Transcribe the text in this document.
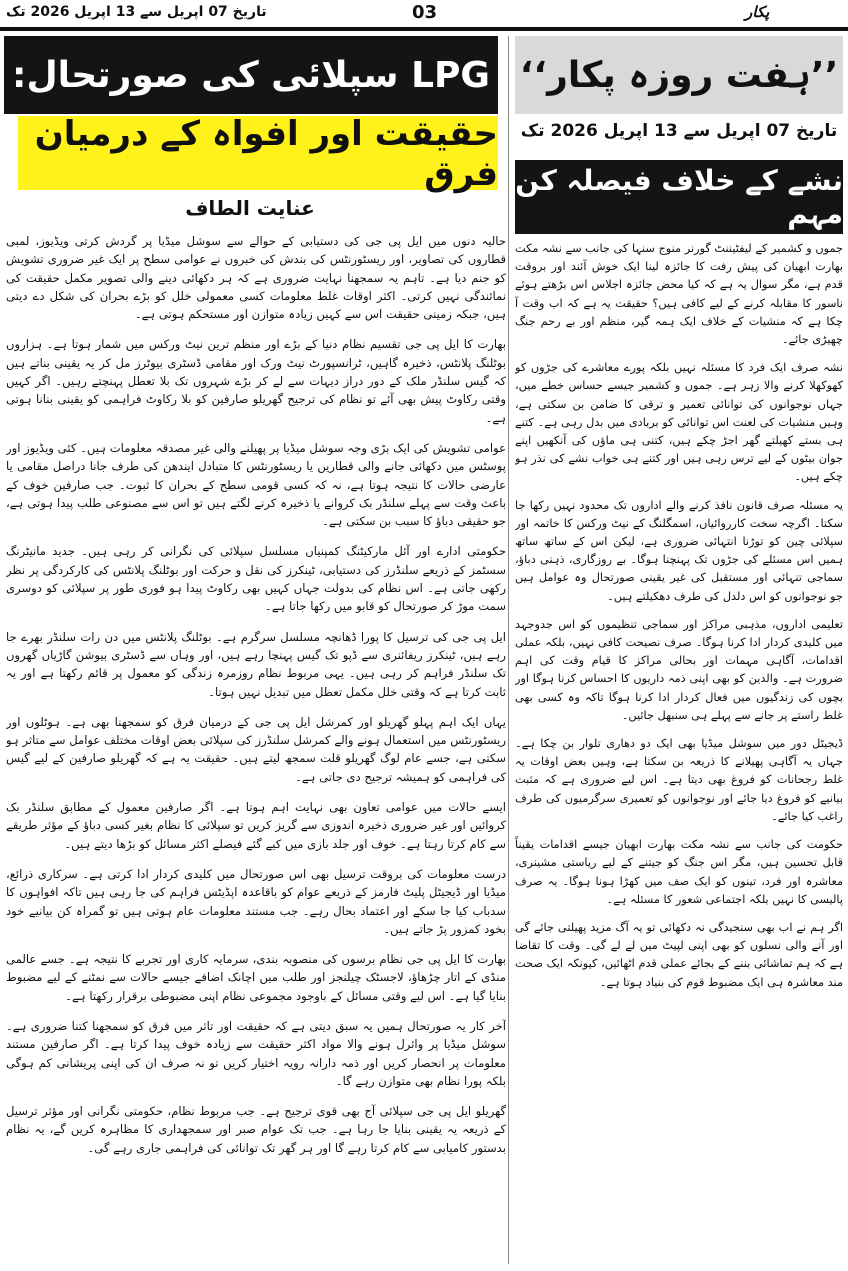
تاریخ 07 اپریل سے 13 اپریل 2026 تک	03	پکار
LPG سپلائی کی صورتحال:
حقیقت اور افواہ کے درمیان فرق
عنایت الطاف

حالیہ دنوں میں ایل پی جی کی دستیابی کے حوالے سے سوشل میڈیا پر گردش کرتی ویڈیوز، لمبی قطاروں کی تصاویر، اور ریسٹورنٹس کی بندش کی خبروں نے عوامی سطح پر ایک غیر ضروری تشویش کو جنم دیا ہے۔ تاہم یہ سمجھنا نہایت ضروری ہے کہ ہر دکھائی دینے والی تصویر مکمل حقیقت کی نمائندگی نہیں کرتی۔ اکثر اوقات غلط معلومات کسی معمولی خلل کو بڑے بحران کی شکل دے دیتی ہیں، جبکہ زمینی حقیقت اس سے کہیں زیادہ متوازن اور مستحکم ہوتی ہے۔

بھارت کا ایل پی جی تقسیم نظام دنیا کے بڑے اور منظم ترین نیٹ ورکس میں شمار ہوتا ہے۔ ہزاروں بوٹلنگ پلانٹس، ذخیرہ گاہیں، ٹرانسپورٹ نیٹ ورک اور مقامی ڈسٹری بیوٹرز مل کر یہ یقینی بناتے ہیں کہ گیس سلنڈر ملک کے دور دراز دیہات سے لے کر بڑے شہروں تک بلا تعطل پہنچتے رہیں۔ اگر کہیں وقتی رکاوٹ پیش بھی آئے تو نظام کی ترجیح گھریلو صارفین کو بلا رکاوٹ فراہمی کو یقینی بنانا ہوتی ہے۔

عوامی تشویش کی ایک بڑی وجہ سوشل میڈیا پر پھیلنے والی غیر مصدقہ معلومات ہیں۔ کئی ویڈیوز اور پوسٹس میں دکھائی جانے والی قطاریں یا ریسٹورنٹس کا متبادل ایندھن کی طرف جانا دراصل مقامی یا عارضی حالات کا نتیجہ ہوتا ہے، نہ کہ کسی قومی سطح کے بحران کا ثبوت۔ جب صارفین خوف کے باعث وقت سے پہلے سلنڈر بک کروانے یا ذخیرہ کرنے لگتے ہیں تو اس سے مصنوعی طلب پیدا ہوتی ہے، جو حقیقی دباؤ کا سبب بن سکتی ہے۔

حکومتی ادارے اور آئل مارکیٹنگ کمپنیاں مسلسل سپلائی کی نگرانی کر رہی ہیں۔ جدید مانیٹرنگ سسٹمز کے ذریعے سلنڈرز کی دستیابی، ٹینکرز کی نقل و حرکت اور بوٹلنگ پلانٹس کی کارکردگی پر نظر رکھی جاتی ہے۔ اس نظام کی بدولت جہاں کہیں بھی رکاوٹ پیدا ہو فوری طور پر سپلائی کو دوسری سمت موڑ کر صورتحال کو قابو میں رکھا جاتا ہے۔

ایل پی جی کی ترسیل کا پورا ڈھانچہ مسلسل سرگرم ہے۔ بوٹلنگ پلانٹس میں دن رات سلنڈر بھرے جا رہے ہیں، ٹینکرز ریفائنری سے ڈپو تک گیس پہنچا رہے ہیں، اور وہاں سے ڈسٹری بیوشن گاڑیاں گھروں تک سلنڈر فراہم کر رہی ہیں۔ یہی مربوط نظام روزمرہ زندگی کو معمول پر قائم رکھتا ہے اور یہ ثابت کرتا ہے کہ وقتی خلل مکمل تعطل میں تبدیل نہیں ہوتا۔

یہاں ایک اہم پہلو گھریلو اور کمرشل ایل پی جی کے درمیان فرق کو سمجھنا بھی ہے۔ ہوٹلوں اور ریسٹورنٹس میں استعمال ہونے والے کمرشل سلنڈرز کی سپلائی بعض اوقات مختلف عوامل سے متاثر ہو سکتی ہے، جسے عام لوگ گھریلو قلت سمجھ لیتے ہیں۔ حقیقت یہ ہے کہ گھریلو صارفین کے لیے گیس کی فراہمی کو ہمیشہ ترجیح دی جاتی ہے۔

ایسے حالات میں عوامی تعاون بھی نہایت اہم ہوتا ہے۔ اگر صارفین معمول کے مطابق سلنڈر بک کروائیں اور غیر ضروری ذخیرہ اندوزی سے گریز کریں تو سپلائی کا نظام بغیر کسی دباؤ کے مؤثر طریقے سے کام کرتا رہتا ہے۔ خوف اور جلد بازی میں کیے گئے فیصلے اکثر مسائل کو بڑھا دیتے ہیں۔

درست معلومات کی بروقت ترسیل بھی اس صورتحال میں کلیدی کردار ادا کرتی ہے۔ سرکاری ذرائع، میڈیا اور ڈیجیٹل پلیٹ فارمز کے ذریعے عوام کو باقاعدہ اپڈیٹس فراہم کی جا رہی ہیں تاکہ افواہوں کا سدباب کیا جا سکے اور اعتماد بحال رہے۔ جب مستند معلومات عام ہوتی ہیں تو گمراہ کن بیانیے خود بخود کمزور پڑ جاتے ہیں۔

بھارت کا ایل پی جی نظام برسوں کی منصوبہ بندی، سرمایہ کاری اور تجربے کا نتیجہ ہے۔ جسے عالمی منڈی کے اتار چڑھاؤ، لاجسٹک چیلنجز اور طلب میں اچانک اضافے جیسے حالات سے نمٹنے کے لیے مضبوط بنایا گیا ہے۔ اس لیے وقتی مسائل کے باوجود مجموعی نظام اپنی مضبوطی برقرار رکھتا ہے۔

آخر کار یہ صورتحال ہمیں یہ سبق دیتی ہے کہ حقیقت اور تاثر میں فرق کو سمجھنا کتنا ضروری ہے۔ سوشل میڈیا پر وائرل ہونے والا مواد اکثر حقیقت سے زیادہ خوف پیدا کرتا ہے۔ اگر صارفین مستند معلومات پر انحصار کریں اور ذمہ دارانہ رویہ اختیار کریں تو نہ صرف ان کی اپنی پریشانی کم ہوگی بلکہ پورا نظام بھی متوازن رہے گا۔

گھریلو ایل پی جی سپلائی آج بھی قوی ترجیح ہے۔ جب مربوط نظام، حکومتی نگرانی اور مؤثر ترسیل کے ذریعہ یہ یقینی بنایا جا رہا ہے۔ جب تک عوام صبر اور سمجھداری کا مظاہرہ کریں گے، یہ نظام بدستور کامیابی سے کام کرتا رہے گا اور ہر گھر تک توانائی کی فراہمی جاری رہے گی۔

’’ہفت روزہ پکار‘‘
تاریخ 07 اپریل سے 13 اپریل 2026 تک
نشے کے خلاف فیصلہ کن مہم

جموں و کشمیر کے لیفٹیننٹ گورنر منوج سنہا کی جانب سے نشہ مکت بھارت ابھیان کی پیش رفت کا جائزہ لینا ایک خوش آئند اور بروقت قدم ہے، مگر سوال یہ ہے کہ کیا محض جائزہ اجلاس اس بڑھتے ہوئے ناسور کا مقابلہ کرنے کے لیے کافی ہیں؟ حقیقت یہ ہے کہ اب وقت آ چکا ہے کہ منشیات کے خلاف ایک ہمہ گیر، منظم اور بے رحم جنگ چھیڑی جائے۔

نشہ صرف ایک فرد کا مسئلہ نہیں بلکہ پورے معاشرے کی جڑوں کو کھوکھلا کرنے والا زہر ہے۔ جموں و کشمیر جیسے حساس خطے میں، جہاں نوجوانوں کی توانائی تعمیر و ترقی کا ضامن بن سکتی ہے، وہیں منشیات کی لعنت اس توانائی کو بربادی میں بدل رہی ہے۔ کتنے ہی بستے کھیلتے گھر اجڑ چکے ہیں، کتنی ہی ماؤں کی آنکھیں اپنے جوان بیٹوں کے لیے ترس رہی ہیں اور کتنے ہی خواب نشے کی نذر ہو چکے ہیں۔

یہ مسئلہ صرف قانون نافذ کرنے والے اداروں تک محدود نہیں رکھا جا سکتا۔ اگرچہ سخت کارروائیاں، اسمگلنگ کے نیٹ ورکس کا خاتمہ اور سپلائی چین کو توڑنا انتہائی ضروری ہے، لیکن اس کے ساتھ ساتھ ہمیں اس مسئلے کی جڑوں تک پہنچنا ہوگا۔ بے روزگاری، ذہنی دباؤ، سماجی تنہائی اور مستقبل کی غیر یقینی صورتحال وہ عوامل ہیں جو نوجوانوں کو اس دلدل کی طرف دھکیلتے ہیں۔

تعلیمی اداروں، مذہبی مراکز اور سماجی تنظیموں کو اس جدوجہد میں کلیدی کردار ادا کرنا ہوگا۔ صرف نصیحت کافی نہیں، بلکہ عملی اقدامات، آگاہی مہمات اور بحالی مراکز کا قیام وقت کی اہم ضرورت ہے۔ والدین کو بھی اپنی ذمہ داریوں کا احساس کرنا ہوگا اور بچوں کی زندگیوں میں فعال کردار ادا کرنا ہوگا تاکہ وہ کسی بھی غلط راستے پر جانے سے پہلے ہی سنبھل جائیں۔

ڈیجیٹل دور میں سوشل میڈیا بھی ایک دو دھاری تلوار بن چکا ہے۔ جہاں یہ آگاہی پھیلانے کا ذریعہ بن سکتا ہے، وہیں بعض اوقات یہ غلط رجحانات کو فروغ بھی دیتا ہے۔ اس لیے ضروری ہے کہ مثبت بیانیے کو فروغ دیا جائے اور نوجوانوں کو تعمیری سرگرمیوں کی طرف راغب کیا جائے۔

حکومت کی جانب سے نشہ مکت بھارت ابھیان جیسے اقدامات یقیناً قابل تحسین ہیں، مگر اس جنگ کو جیتنے کے لیے ریاستی مشینری، معاشرہ اور فرد، تینوں کو ایک صف میں کھڑا ہونا ہوگا۔ یہ صرف پالیسی کا نہیں بلکہ اجتماعی شعور کا مسئلہ ہے۔

اگر ہم نے اب بھی سنجیدگی نہ دکھائی تو یہ آگ مزید پھیلتی جائے گی اور آنے والی نسلوں کو بھی اپنی لپیٹ میں لے لے گی۔ وقت کا تقاضا ہے کہ ہم تماشائی بننے کے بجائے عملی قدم اٹھائیں، کیونکہ ایک صحت مند معاشرہ ہی ایک مضبوط قوم کی بنیاد ہوتا ہے۔
